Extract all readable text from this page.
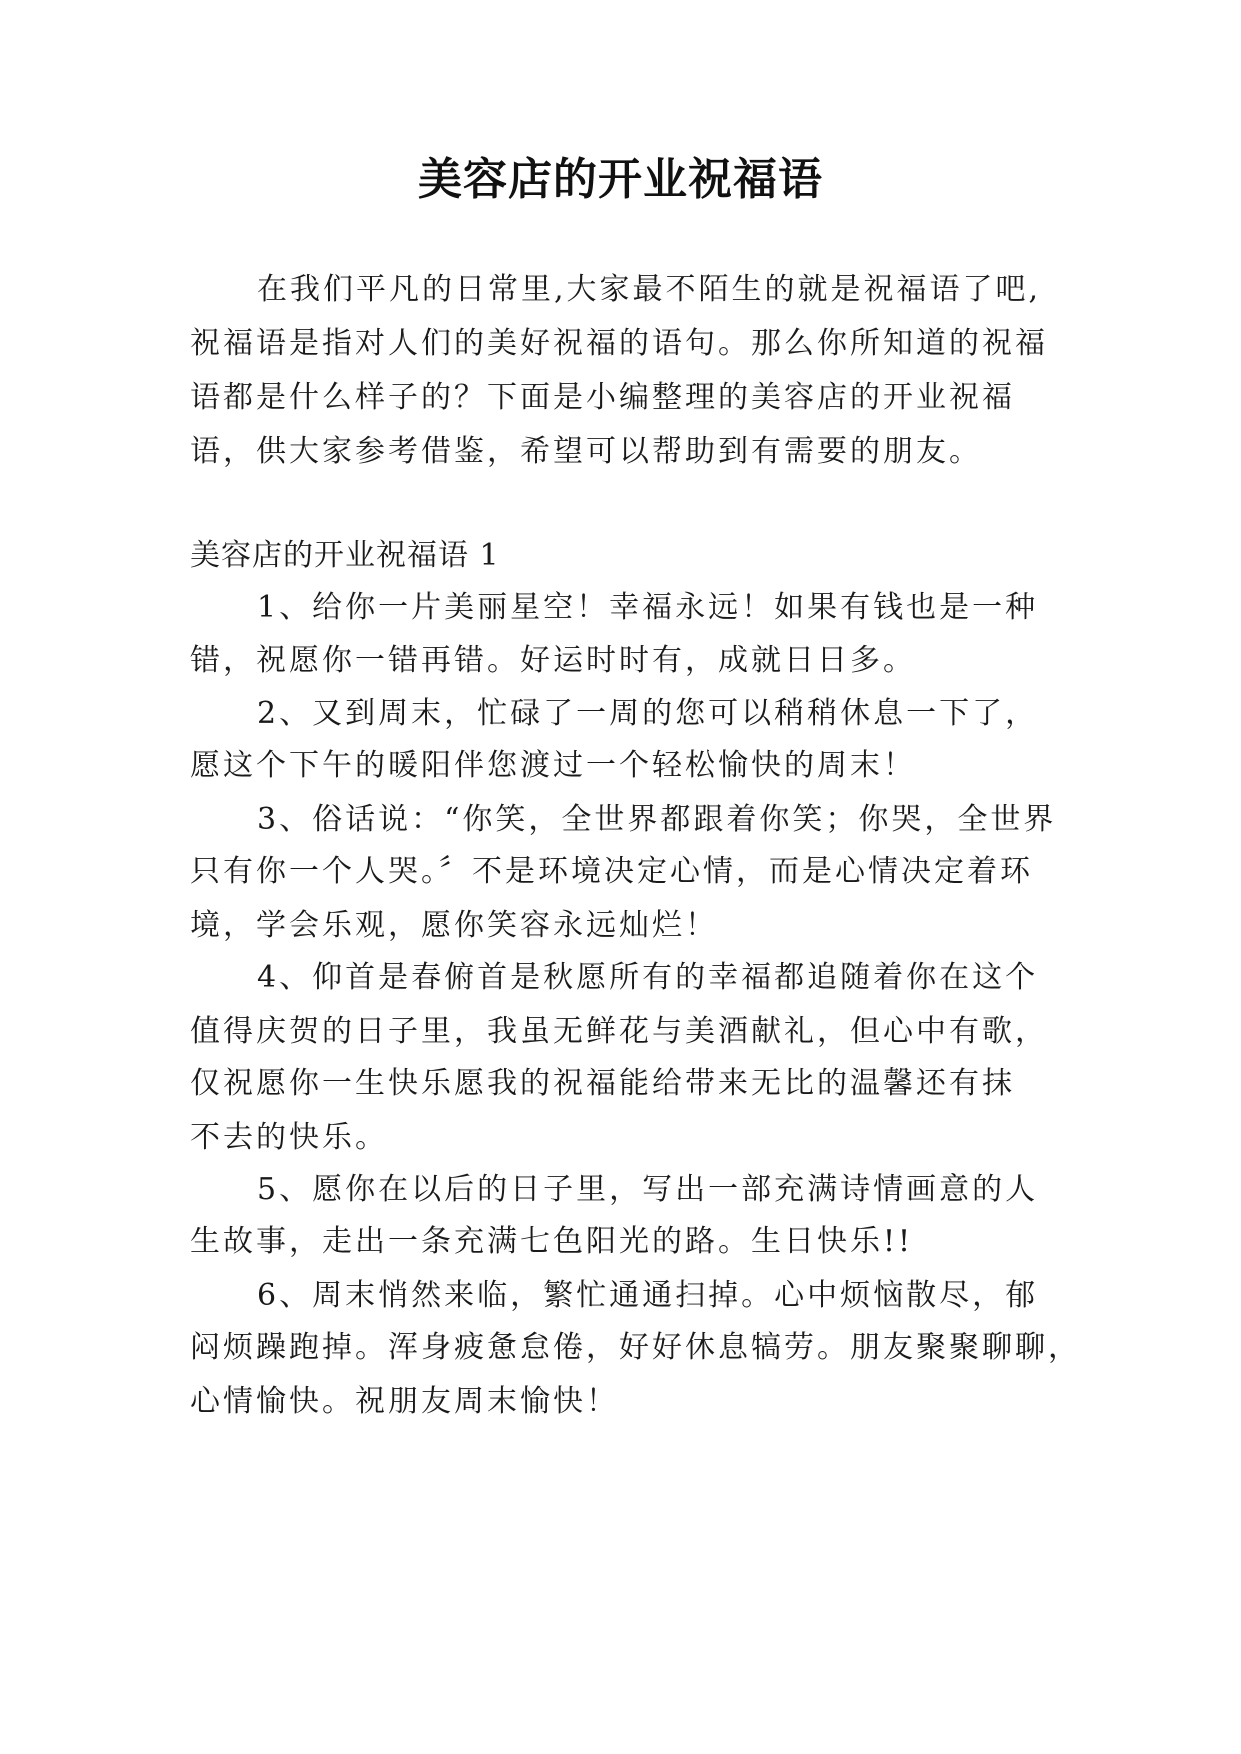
美容店的开业祝福语
在我们平凡的日常里,大家最不陌生的就是祝福语了吧,
祝福语是指对人们的美好祝福的语句。那么你所知道的祝福
语都是什么样子的？下面是小编整理的美容店的开业祝福
语，供大家参考借鉴，希望可以帮助到有需要的朋友。
美容店的开业祝福语 1
1、给你一片美丽星空！幸福永远！如果有钱也是一种
错，祝愿你一错再错。好运时时有，成就日日多。
2、又到周末，忙碌了一周的您可以稍稍休息一下了，
愿这个下午的暖阳伴您渡过一个轻松愉快的周末！
3、俗话说：“你笑，全世界都跟着你笑；你哭，全世界
只有你一个人哭。〞不是环境决定心情，而是心情决定着环
境，学会乐观，愿你笑容永远灿烂！
4、仰首是春俯首是秋愿所有的幸福都追随着你在这个
值得庆贺的日子里，我虽无鲜花与美酒献礼，但心中有歌，
仅祝愿你一生快乐愿我的祝福能给带来无比的温馨还有抹
不去的快乐。
5、愿你在以后的日子里，写出一部充满诗情画意的人
生故事，走出一条充满七色阳光的路。生日快乐!!
6、周末悄然来临，繁忙通通扫掉。心中烦恼散尽，郁
闷烦躁跑掉。浑身疲惫怠倦，好好休息犒劳。朋友聚聚聊聊，
心情愉快。祝朋友周末愉快！
